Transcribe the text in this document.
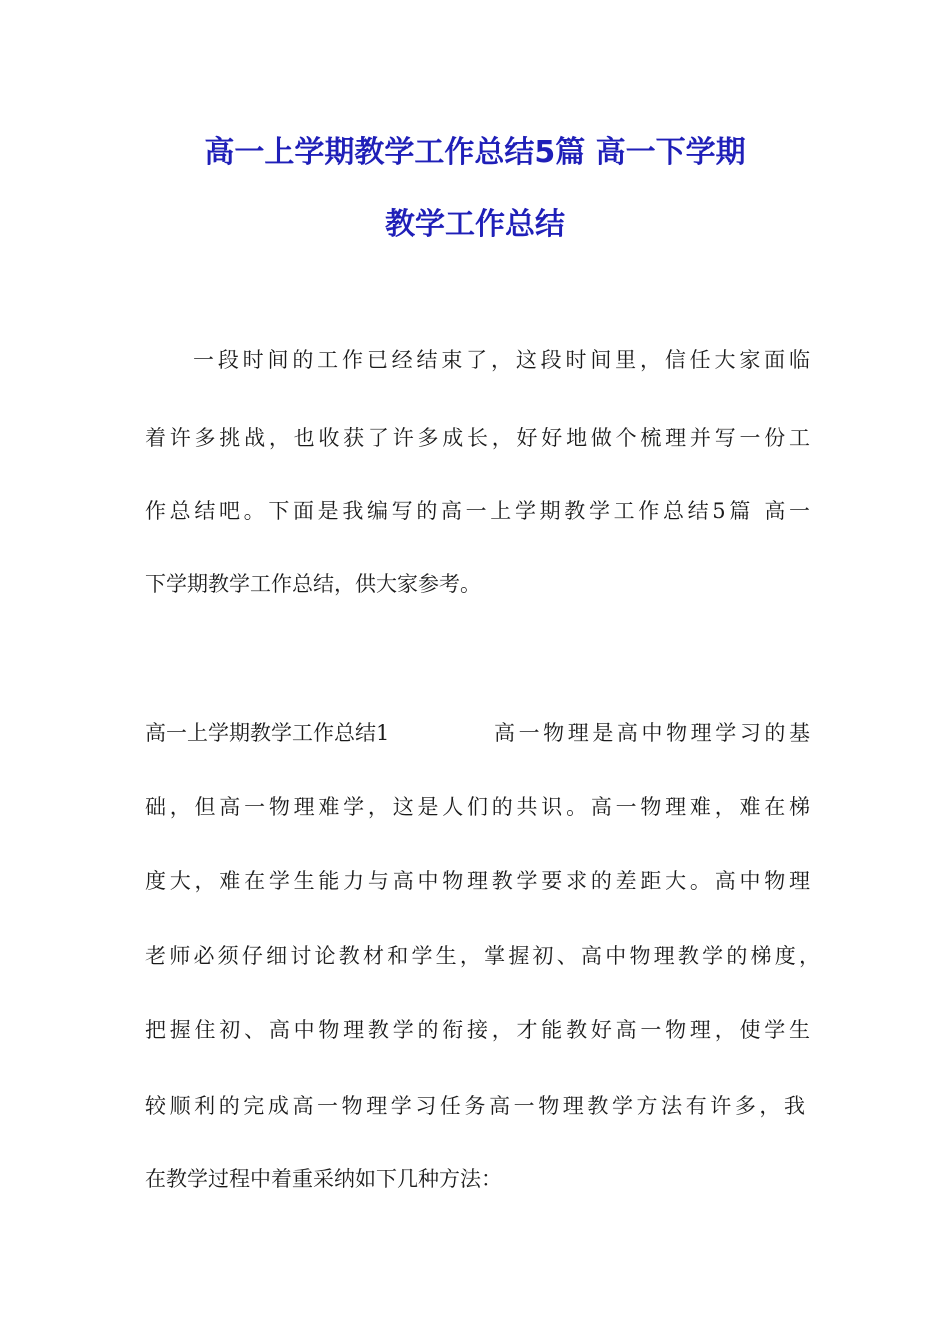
高一上学期教学工作总结5篇 高一下学期
教学工作总结
一段时间的工作已经结束了，这段时间里，信任大家面临
着许多挑战，也收获了许多成长，好好地做个梳理并写一份工
作总结吧。下面是我编写的高一上学期教学工作总结5篇 高一
下学期教学工作总结，供大家参考。
高一上学期教学工作总结1	高一物理是高中物理学习的基
础，但高一物理难学，这是人们的共识。高一物理难，难在梯
度大，难在学生能力与高中物理教学要求的差距大。高中物理
老师必须仔细讨论教材和学生，掌握初、高中物理教学的梯度，
把握住初、高中物理教学的衔接，才能教好高一物理，使学生
较顺利的完成高一物理学习任务高一物理教学方法有许多，我
在教学过程中着重采纳如下几种方法：
